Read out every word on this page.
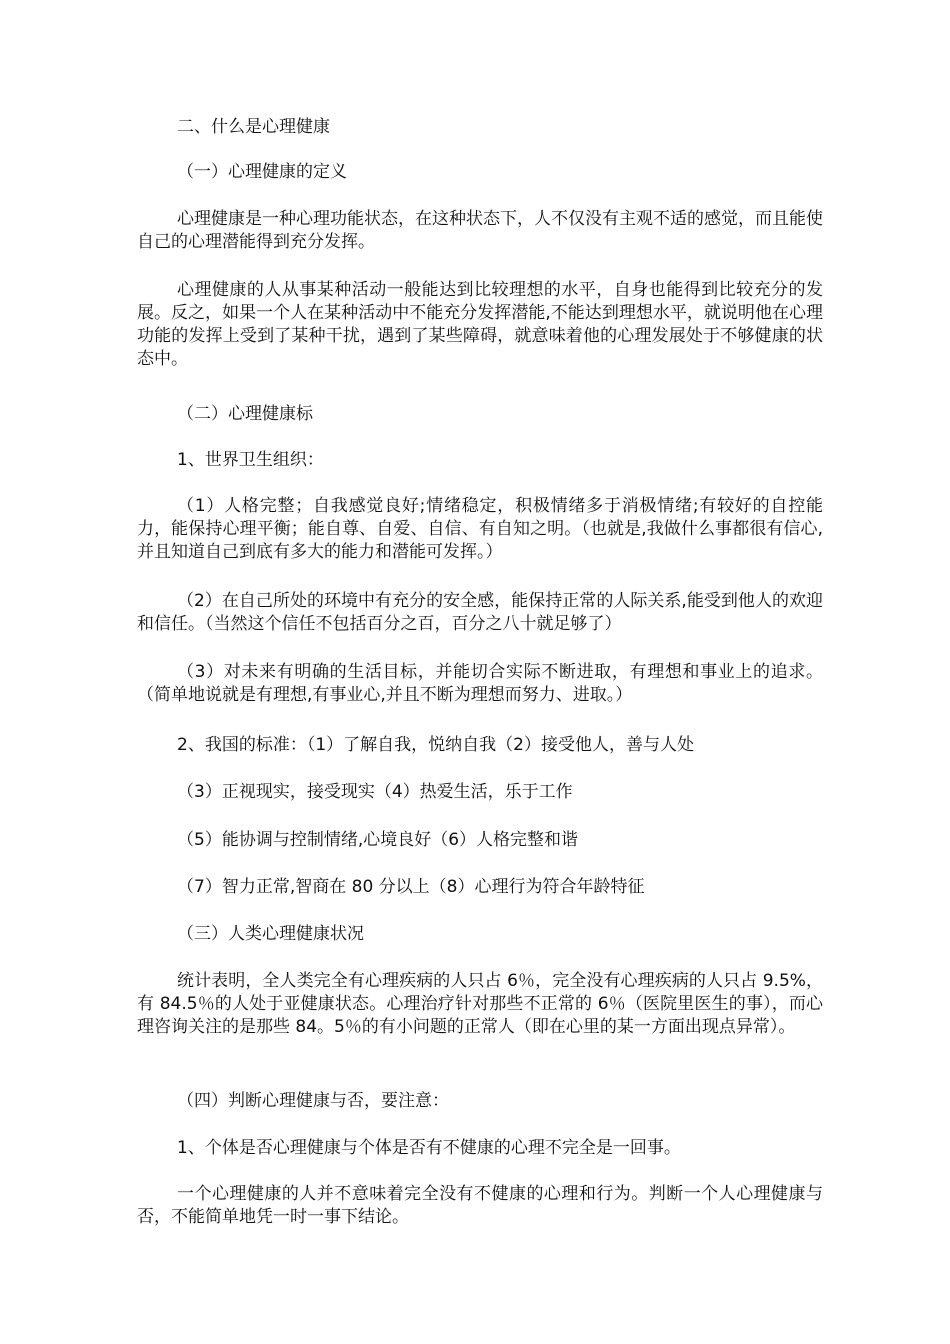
二、什么是心理健康

（一）心理健康的定义

心理健康是一种心理功能状态，在这种状态下，人不仅没有主观不适的感觉，而且能使自己的心理潜能得到充分发挥。

心理健康的人从事某种活动一般能达到比较理想的水平，自身也能得到比较充分的发展。反之，如果一个人在某种活动中不能充分发挥潜能,不能达到理想水平，就说明他在心理功能的发挥上受到了某种干扰，遇到了某些障碍，就意味着他的心理发展处于不够健康的状态中。

（二）心理健康标

1、世界卫生组织：

（1）人格完整；自我感觉良好;情绪稳定，积极情绪多于消极情绪;有较好的自控能力，能保持心理平衡；能自尊、自爱、自信、有自知之明。（也就是,我做什么事都很有信心,并且知道自己到底有多大的能力和潜能可发挥。）

（2）在自己所处的环境中有充分的安全感，能保持正常的人际关系,能受到他人的欢迎和信任。（当然这个信任不包括百分之百，百分之八十就足够了）

（3）对未来有明确的生活目标，并能切合实际不断进取，有理想和事业上的追求。（简单地说就是有理想,有事业心,并且不断为理想而努力、进取。）

2、我国的标准：（1）了解自我，悦纳自我（2）接受他人，善与人处

（3）正视现实，接受现实（4）热爱生活，乐于工作

（5）能协调与控制情绪,心境良好（6）人格完整和谐

（7）智力正常,智商在 80 分以上（8）心理行为符合年龄特征

（三）人类心理健康状况

统计表明，全人类完全有心理疾病的人只占 6％，完全没有心理疾病的人只占 9.5%，有 84.5％的人处于亚健康状态。心理治疗针对那些不正常的 6％（医院里医生的事），而心理咨询关注的是那些 84。5％的有小问题的正常人（即在心里的某一方面出现点异常）。

（四）判断心理健康与否，要注意：

1、个体是否心理健康与个体是否有不健康的心理不完全是一回事。

一个心理健康的人并不意味着完全没有不健康的心理和行为。判断一个人心理健康与否，不能简单地凭一时一事下结论。
